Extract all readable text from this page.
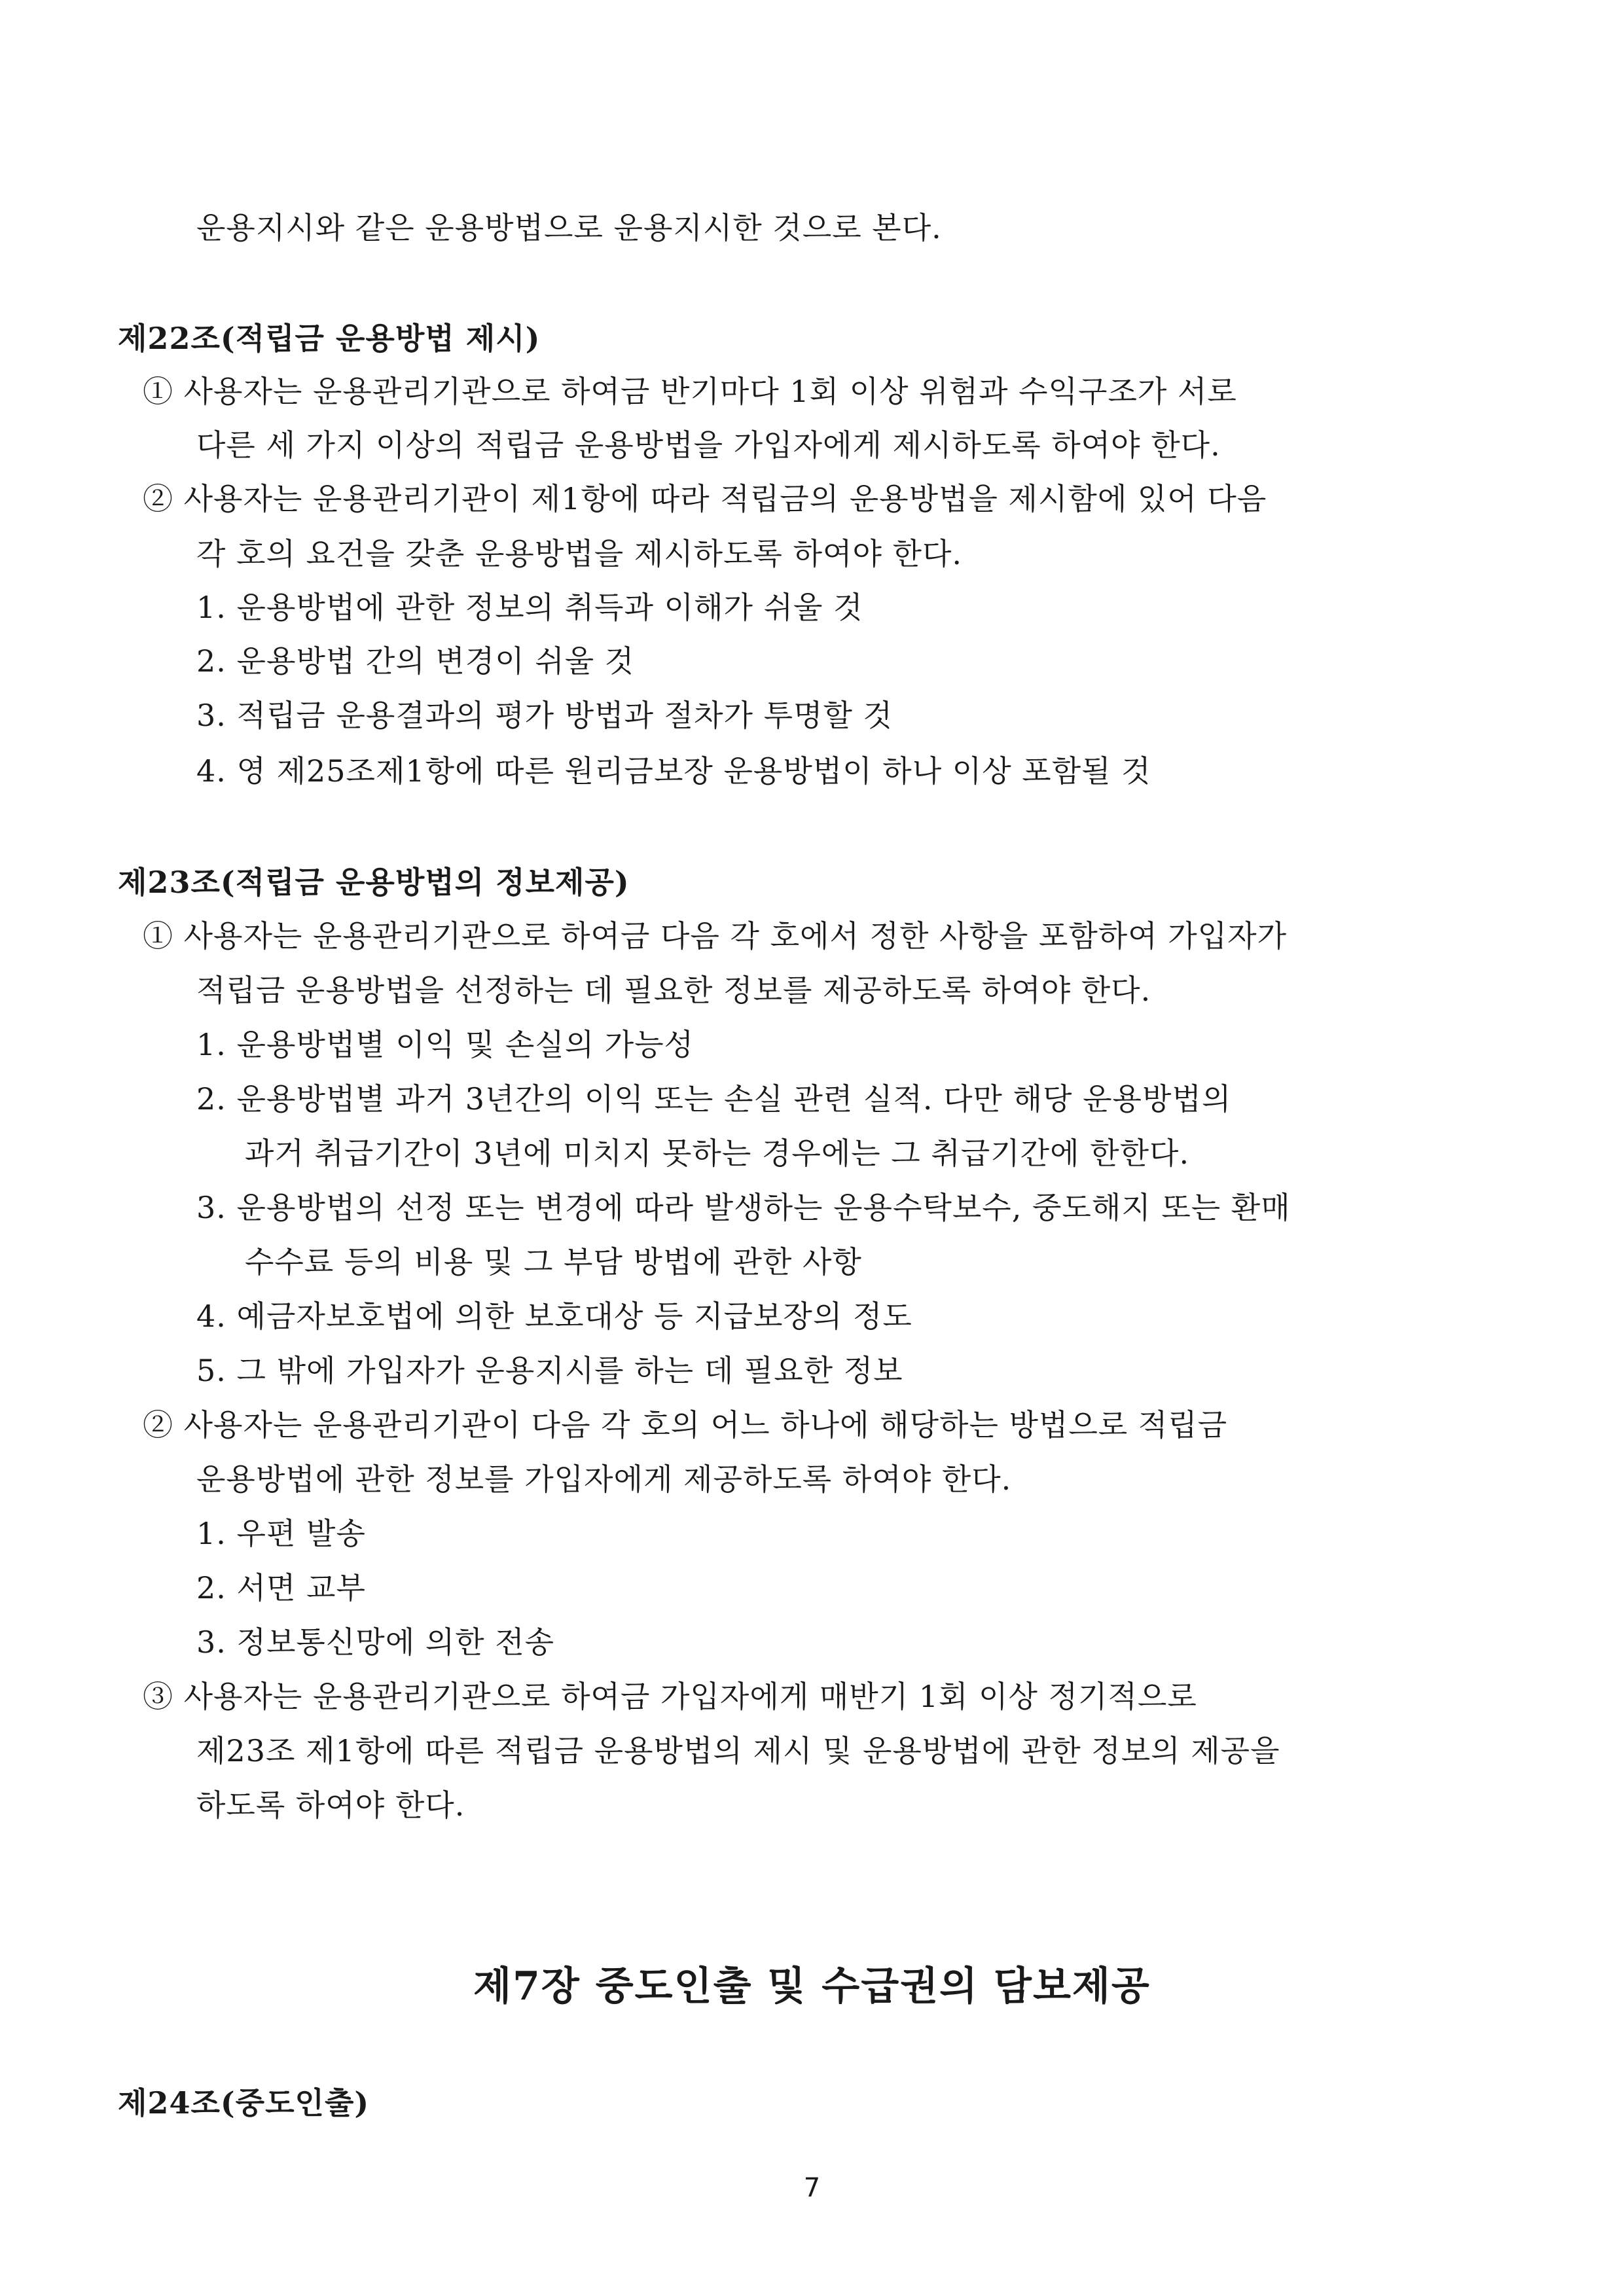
운용지시와 같은 운용방법으로 운용지시한 것으로 본다.
제22조(적립금 운용방법 제시)
① 사용자는 운용관리기관으로 하여금 반기마다 1회 이상 위험과 수익구조가 서로
다른 세 가지 이상의 적립금 운용방법을 가입자에게 제시하도록 하여야 한다.
② 사용자는 운용관리기관이 제1항에 따라 적립금의 운용방법을 제시함에 있어 다음
각 호의 요건을 갖춘 운용방법을 제시하도록 하여야 한다.
1. 운용방법에 관한 정보의 취득과 이해가 쉬울 것
2. 운용방법 간의 변경이 쉬울 것
3. 적립금 운용결과의 평가 방법과 절차가 투명할 것
4. 영 제25조제1항에 따른 원리금보장 운용방법이 하나 이상 포함될 것
제23조(적립금 운용방법의 정보제공)
① 사용자는 운용관리기관으로 하여금 다음 각 호에서 정한 사항을 포함하여 가입자가
적립금 운용방법을 선정하는 데 필요한 정보를 제공하도록 하여야 한다.
1. 운용방법별 이익 및 손실의 가능성
2. 운용방법별 과거 3년간의 이익 또는 손실 관련 실적. 다만 해당 운용방법의
과거 취급기간이 3년에 미치지 못하는 경우에는 그 취급기간에 한한다.
3. 운용방법의 선정 또는 변경에 따라 발생하는 운용수탁보수, 중도해지 또는 환매
수수료 등의 비용 및 그 부담 방법에 관한 사항
4. 예금자보호법에 의한 보호대상 등 지급보장의 정도
5. 그 밖에 가입자가 운용지시를 하는 데 필요한 정보
② 사용자는 운용관리기관이 다음 각 호의 어느 하나에 해당하는 방법으로 적립금
운용방법에 관한 정보를 가입자에게 제공하도록 하여야 한다.
1. 우편 발송
2. 서면 교부
3. 정보통신망에 의한 전송
③ 사용자는 운용관리기관으로 하여금 가입자에게 매반기 1회 이상 정기적으로
제23조 제1항에 따른 적립금 운용방법의 제시 및 운용방법에 관한 정보의 제공을
하도록 하여야 한다.
제7장 중도인출 및 수급권의 담보제공
제24조(중도인출)
7
